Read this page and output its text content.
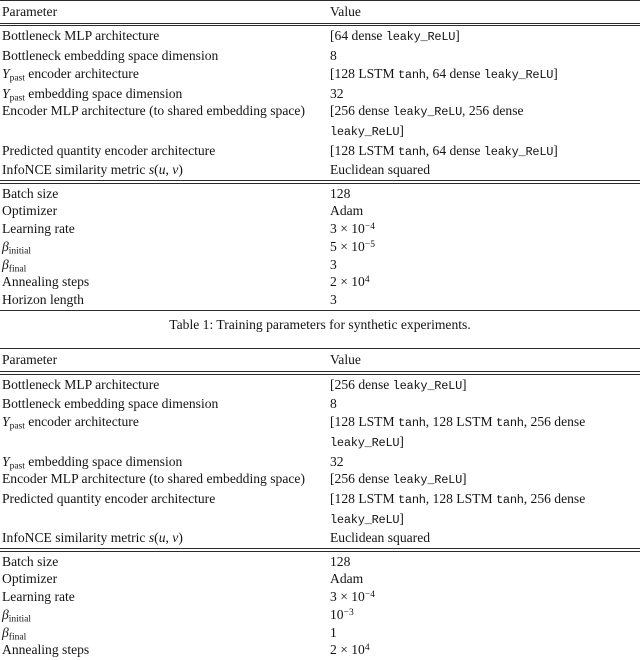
Parameter	Value
Bottleneck MLP architecture	[64 dense leaky_ReLU]
Bottleneck embedding space dimension	8
$Y_{past}$ encoder architecture	[128 LSTM tanh, 64 dense leaky_ReLU]
$Y_{past}$ embedding space dimension	32
Encoder MLP architecture (to shared embedding space)	[256 dense leaky_ReLU, 256 dense
leaky_ReLU]
Predicted quantity encoder architecture	[128 LSTM tanh, 64 dense leaky_ReLU]
InfoNCE similarity metric s(u, v)	Euclidean squared
Batch size	128
Optimizer	Adam
Learning rate	$3 \times 10^{-4}$
$\beta_{initial}$	$5 \times 10^{-5}$
$\beta_{final}$	3
Annealing steps	$2 \times 10^4$
Horizon length	3
Table 1: Training parameters for synthetic experiments.
Parameter	Value
Bottleneck MLP architecture	[256 dense leaky_ReLU]
Bottleneck embedding space dimension	8
$Y_{past}$ encoder architecture	[128 LSTM tanh, 128 LSTM tanh, 256 dense
leaky_ReLU]
$Y_{past}$ embedding space dimension	32
Encoder MLP architecture (to shared embedding space)	[256 dense leaky_ReLU]
Predicted quantity encoder architecture	[128 LSTM tanh, 128 LSTM tanh, 256 dense
leaky_ReLU]
InfoNCE similarity metric s(u, v)	Euclidean squared
Batch size	128
Optimizer	Adam
Learning rate	$3 \times 10^{-4}$
$\beta_{initial}$	$10^{-3}$
$\beta_{final}$	1
Annealing steps	$2 \times 10^4$
